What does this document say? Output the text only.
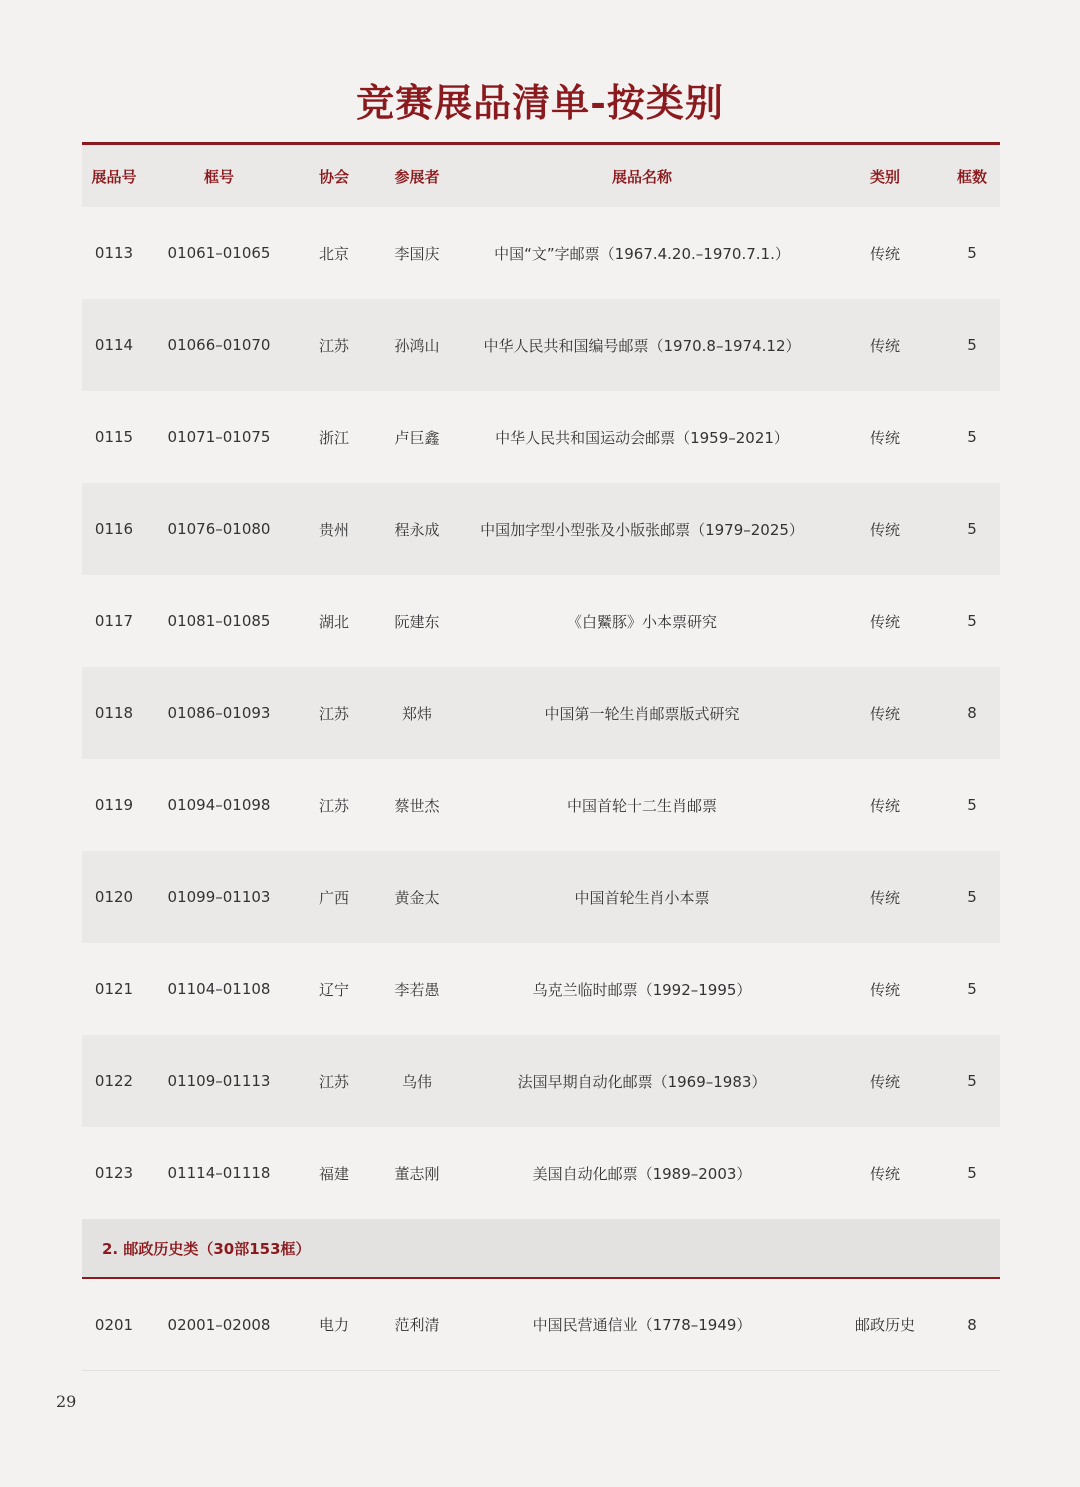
竞赛展品清单-按类别
展品号	框号	协会	参展者	展品名称	类别	框数
0113	01061–01065	北京	李国庆	中国“文”字邮票（1967.4.20.–1970.7.1.）	传统	5
0114	01066–01070	江苏	孙鸿山	中华人民共和国编号邮票（1970.8–1974.12）	传统	5
0115	01071–01075	浙江	卢巨鑫	中华人民共和国运动会邮票（1959–2021）	传统	5
0116	01076–01080	贵州	程永成	中国加字型小型张及小版张邮票（1979–2025）	传统	5
0117	01081–01085	湖北	阮建东	《白鱀豚》小本票研究	传统	5
0118	01086–01093	江苏	郑炜	中国第一轮生肖邮票版式研究	传统	8
0119	01094–01098	江苏	蔡世杰	中国首轮十二生肖邮票	传统	5
0120	01099–01103	广西	黄金太	中国首轮生肖小本票	传统	5
0121	01104–01108	辽宁	李若愚	乌克兰临时邮票（1992–1995）	传统	5
0122	01109–01113	江苏	乌伟	法国早期自动化邮票（1969–1983）	传统	5
0123	01114–01118	福建	董志刚	美国自动化邮票（1989–2003）	传统	5
2. 邮政历史类（30部153框）
0201	02001–02008	电力	范利清	中国民营通信业（1778–1949）	邮政历史	8
29
